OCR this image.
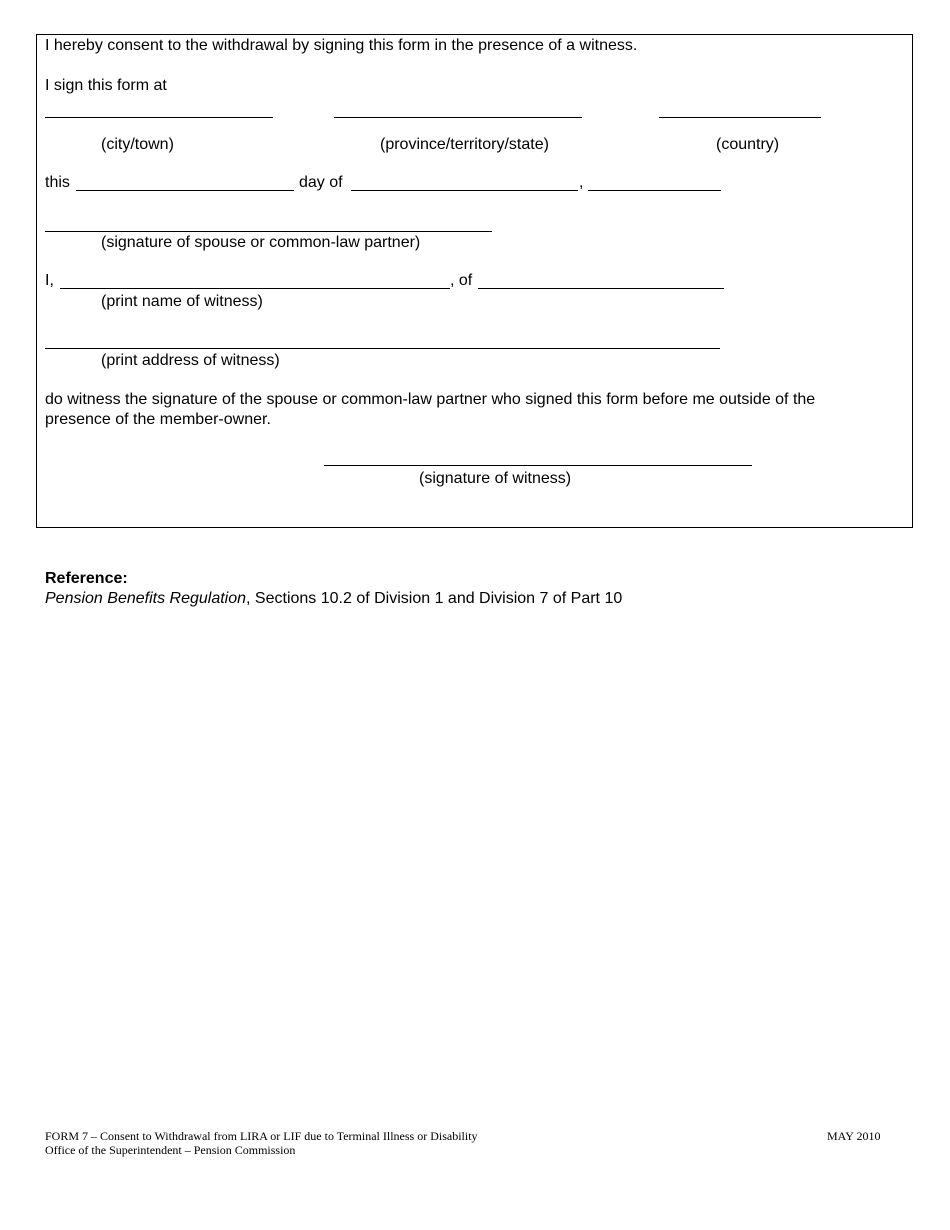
I hereby consent to the withdrawal by signing this form in the presence of a witness.
I sign this form at
(city/town)	(province/territory/state)	(country)
this	day of	,
(signature of spouse or common-law partner)
I,	, of
(print name of witness)
(print address of witness)
do witness the signature of the spouse or common-law partner who signed this form before me outside of the
presence of the member-owner.
(signature of witness)
Reference:
Pension Benefits Regulation, Sections 10.2 of Division 1 and Division 7 of Part 10
FORM 7 – Consent to Withdrawal from LIRA or LIF due to Terminal Illness or Disability
Office of the Superintendent – Pension Commission
MAY 2010
